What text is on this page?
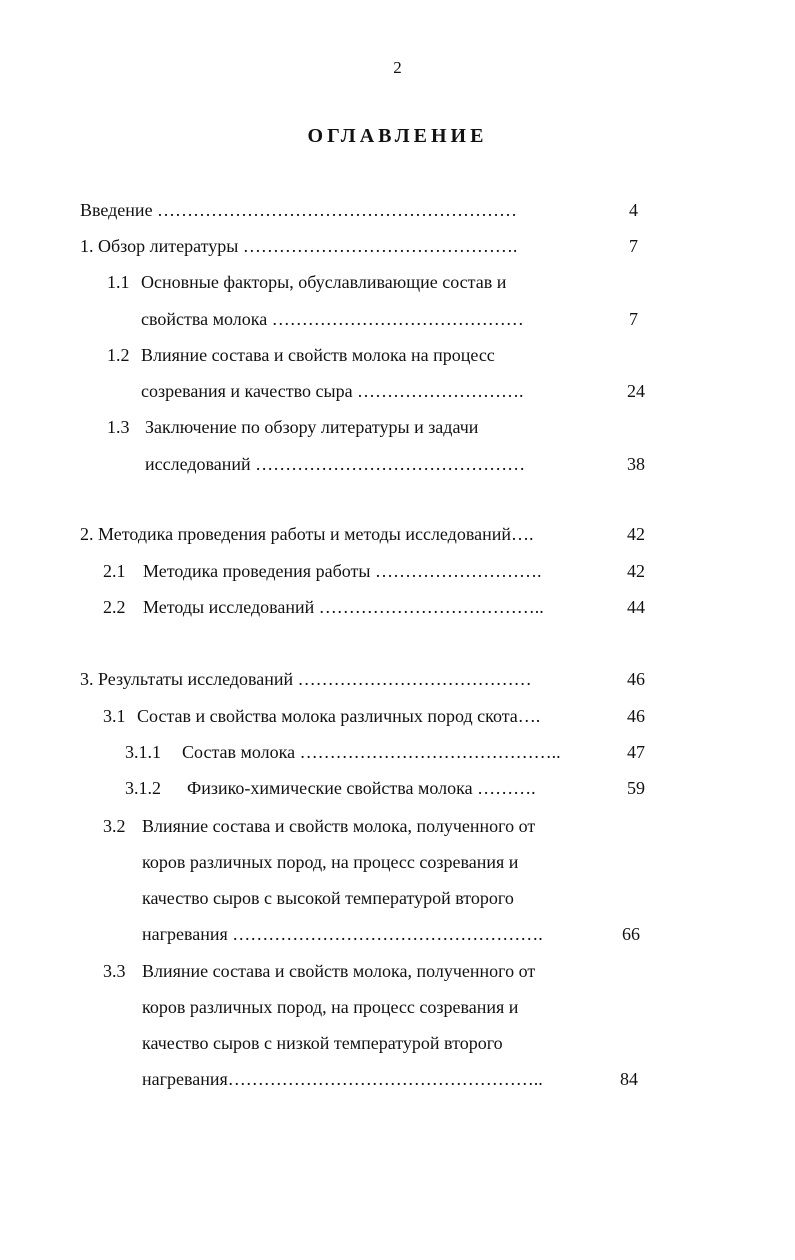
2
ОГЛАВЛЕНИЕ
Введение ……………………………………………………	4
1. Обзор литературы ……………………………………….	7
1.1 Основные факторы, обуславливающие состав и
свойства молока ……………………………………	7
1.2 Влияние состава и свойств молока на процесс
созревания и качество сыра ……………………….	24
1.3 Заключение по обзору литературы и задачи
исследований ………………………………………	38
2. Методика проведения работы и методы исследований….	42
2.1 Методика проведения работы ……………………….	42
2.2 Методы исследований ………………………………..	44
3. Результаты исследований …………………………………	46
3.1 Состав и свойства молока различных пород скота….	46
3.1.1 Состав молока ……………………………………..	47
3.1.2 Физико-химические свойства молока ……….	59
3.2 Влияние состава и свойств молока, полученного от
коров различных пород, на процесс созревания и
качество сыров с высокой температурой второго
нагревания …………………………………………….	66
3.3 Влияние состава и свойств молока, полученного от
коров различных пород, на процесс созревания и
качество сыров с низкой температурой второго
нагревания……………………………………………..	84
